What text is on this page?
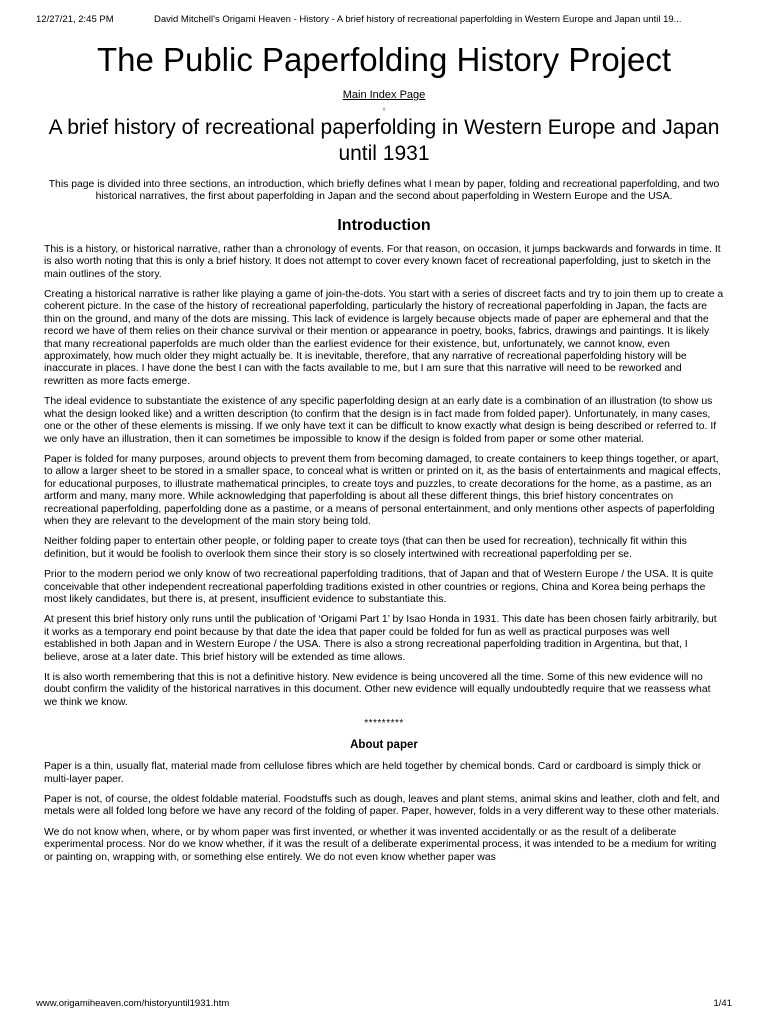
12/27/21, 2:45 PM	David Mitchell's Origami Heaven - History - A brief history of recreational paperfolding in Western Europe and Japan until 19...
The Public Paperfolding History Project
Main Index Page
x
A brief history of recreational paperfolding in Western Europe and Japan until 1931

This page is divided into three sections, an introduction, which briefly defines what I mean by paper, folding and recreational paperfolding, and two historical narratives, the first about paperfolding in Japan and the second about paperfolding in Western Europe and the USA.

Introduction

This is a history, or historical narrative, rather than a chronology of events. For that reason, on occasion, it jumps backwards and forwards in time. It is also worth noting that this is only a brief history. It does not attempt to cover every known facet of recreational paperfolding, just to sketch in the main outlines of the story.

Creating a historical narrative is rather like playing a game of join-the-dots. You start with a series of discreet facts and try to join them up to create a coherent picture. In the case of the history of recreational paperfolding, particularly the history of recreational paperfolding in Japan, the facts are thin on the ground, and many of the dots are missing. This lack of evidence is largely because objects made of paper are ephemeral and that the record we have of them relies on their chance survival or their mention or appearance in poetry, books, fabrics, drawings and paintings. It is likely that many recreational paperfolds are much older than the earliest evidence for their existence, but, unfortunately, we cannot know, even approximately, how much older they might actually be. It is inevitable, therefore, that any narrative of recreational paperfolding history will be inaccurate in places. I have done the best I can with the facts available to me, but I am sure that this narrative will need to be reworked and rewritten as more facts emerge.

The ideal evidence to substantiate the existence of any specific paperfolding design at an early date is a combination of an illustration (to show us what the design looked like) and a written description (to confirm that the design is in fact made from folded paper). Unfortunately, in many cases, one or the other of these elements is missing. If we only have text it can be difficult to know exactly what design is being described or referred to. If we only have an illustration, then it can sometimes be impossible to know if the design is folded from paper or some other material.

Paper is folded for many purposes, around objects to prevent them from becoming damaged, to create containers to keep things together, or apart, to allow a larger sheet to be stored in a smaller space, to conceal what is written or printed on it, as the basis of entertainments and magical effects, for educational purposes, to illustrate mathematical principles, to create toys and puzzles, to create decorations for the home, as a pastime, as an artform and many, many more. While acknowledging that paperfolding is about all these different things, this brief history concentrates on recreational paperfolding, paperfolding done as a pastime, or a means of personal entertainment, and only mentions other aspects of paperfolding when they are relevant to the development of the main story being told.

Neither folding paper to entertain other people, or folding paper to create toys (that can then be used for recreation), technically fit within this definition, but it would be foolish to overlook them since their story is so closely intertwined with recreational paperfolding per se.

Prior to the modern period we only know of two recreational paperfolding traditions, that of Japan and that of Western Europe / the USA. It is quite conceivable that other independent recreational paperfolding traditions existed in other countries or regions, China and Korea being perhaps the most likely candidates, but there is, at present, insufficient evidence to substantiate this.

At present this brief history only runs until the publication of ‘Origami Part 1’ by Isao Honda in 1931. This date has been chosen fairly arbitrarily, but it works as a temporary end point because by that date the idea that paper could be folded for fun as well as practical purposes was well established in both Japan and in Western Europe / the USA. There is also a strong recreational paperfolding tradition in Argentina, but that, I believe, arose at a later date. This brief history will be extended as time allows.

It is also worth remembering that this is not a definitive history. New evidence is being uncovered all the time. Some of this new evidence will no doubt confirm the validity of the historical narratives in this document. Other new evidence will equally undoubtedly require that we reassess what we think we know.

*********
About paper

Paper is a thin, usually flat, material made from cellulose fibres which are held together by chemical bonds. Card or cardboard is simply thick or multi-layer paper.

Paper is not, of course, the oldest foldable material. Foodstuffs such as dough, leaves and plant stems, animal skins and leather, cloth and felt, and metals were all folded long before we have any record of the folding of paper. Paper, however, folds in a very different way to these other materials.

We do not know when, where, or by whom paper was first invented, or whether it was invented accidentally or as the result of a deliberate experimental process. Nor do we know whether, if it was the result of a deliberate experimental process, it was intended to be a medium for writing or painting on, wrapping with, or something else entirely. We do not even know whether paper was

www.origamiheaven.com/historyuntil1931.htm	1/41
